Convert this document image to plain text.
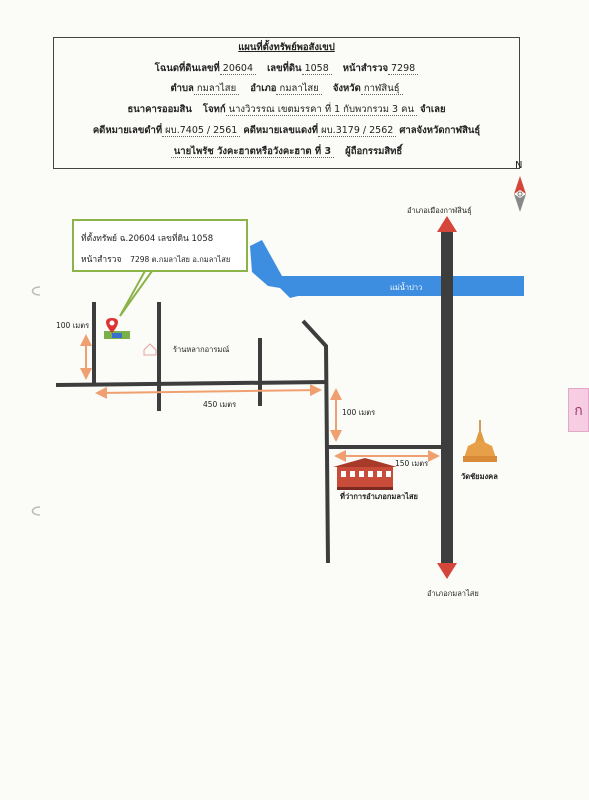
แผนที่ตั้งทรัพย์พอสังเขป
โฉนดที่ดินเลขที่ 20604 เลขที่ดิน 1058 หน้าสำรวจ 7298
ตำบล กมลาไสย อำเภอ กมลาไสย จังหวัด กาฬสินธุ์
ธนาคารออมสิน โจทก์ นางวิวรรณ เขตมรรคา ที่ 1 กับพวกรวม 3 คน จำเลย
คดีหมายเลขดำที่ ผบ.7405 / 2561 คดีหมายเลขแดงที่ ผบ.3179 / 2562 ศาลจังหวัดกาฬสินธุ์
นายไพรัช วังคะฮาตหรือวังคะฮาต ที่ 3 ผู้ถือกรรมสิทธิ์
ที่ตั้งทรัพย์ ฉ.20604 เลขที่ดิน 1058
หน้าสำรวจ 7298 ต.กมลาไสย อ.กมลาไสย
N
อำเภอเมืองกาฬสินธุ์
อำเภอกมลาไสย
แม่น้ำปาว
ร้านหลากอารมณ์
100 เมตร
450 เมตร
100 เมตร
150 เมตร
ที่ว่าการอำเภอกมลาไสย
วัดชัยมงคล
ก
